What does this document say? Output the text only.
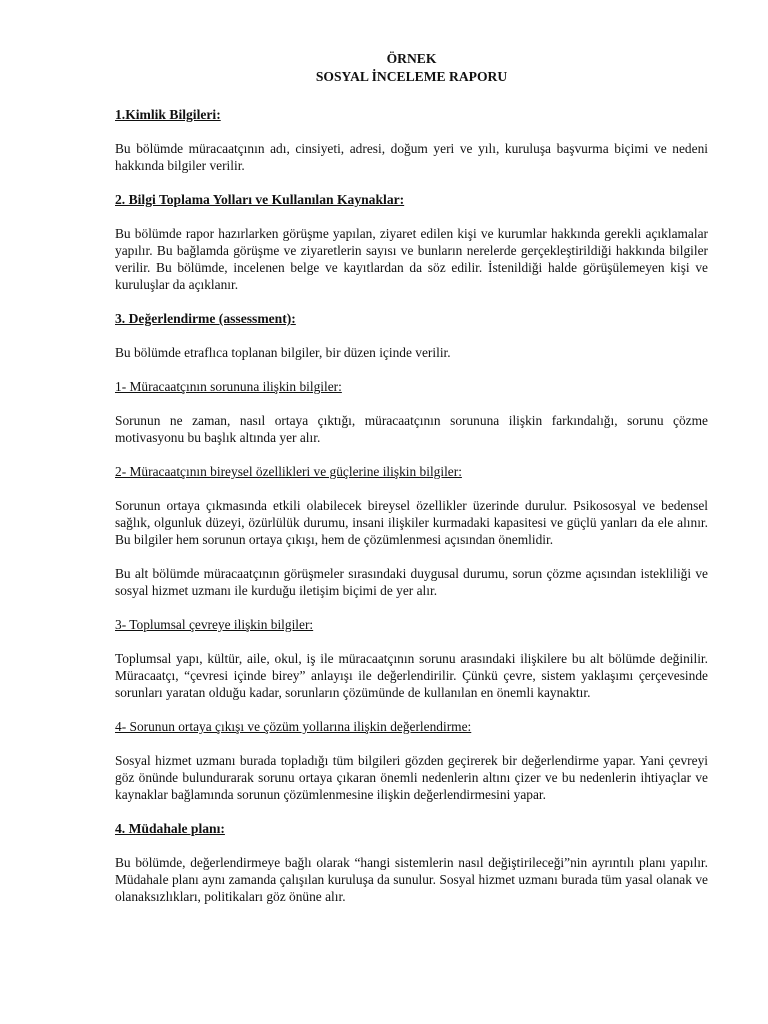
ÖRNEK
SOSYAL İNCELEME RAPORU
1.Kimlik Bilgileri:

Bu bölümde müracaatçının adı, cinsiyeti, adresi, doğum yeri ve yılı, kuruluşa başvurma biçimi ve nedeni hakkında bilgiler verilir.

2. Bilgi Toplama Yolları ve Kullanılan Kaynaklar:

Bu bölümde rapor hazırlarken görüşme yapılan, ziyaret edilen kişi ve kurumlar hakkında gerekli açıklamalar yapılır. Bu bağlamda görüşme ve ziyaretlerin sayısı ve bunların nerelerde gerçekleştirildiği hakkında bilgiler verilir. Bu bölümde, incelenen belge ve kayıtlardan da söz edilir. İstenildiği halde görüşülemeyen kişi ve kuruluşlar da açıklanır.

3. Değerlendirme (assessment):

Bu bölümde etraflıca toplanan bilgiler, bir düzen içinde verilir.

1- Müracaatçının sorununa ilişkin bilgiler:

Sorunun ne zaman, nasıl ortaya çıktığı, müracaatçının sorununa ilişkin farkındalığı, sorunu çözme motivasyonu bu başlık altında yer alır.

2- Müracaatçının bireysel özellikleri ve güçlerine ilişkin bilgiler:

Sorunun ortaya çıkmasında etkili olabilecek bireysel özellikler üzerinde durulur. Psikososyal ve bedensel sağlık, olgunluk düzeyi, özürlülük durumu, insani ilişkiler kurmadaki kapasitesi ve güçlü yanları da ele alınır. Bu bilgiler hem sorunun ortaya çıkışı, hem de çözümlenmesi açısından önemlidir.

Bu alt bölümde müracaatçının görüşmeler sırasındaki duygusal durumu, sorun çözme açısından istekliliği ve sosyal hizmet uzmanı ile kurduğu iletişim biçimi de yer alır.

3- Toplumsal çevreye ilişkin bilgiler:

Toplumsal yapı, kültür, aile, okul, iş ile müracaatçının sorunu arasındaki ilişkilere bu alt bölümde değinilir. Müracaatçı, “çevresi içinde birey” anlayışı ile değerlendirilir. Çünkü çevre, sistem yaklaşımı çerçevesinde sorunları yaratan olduğu kadar, sorunların çözümünde de kullanılan en önemli kaynaktır.

4- Sorunun ortaya çıkışı ve çözüm yollarına ilişkin değerlendirme:

Sosyal hizmet uzmanı burada topladığı tüm bilgileri gözden geçirerek bir değerlendirme yapar. Yani çevreyi göz önünde bulundurarak sorunu ortaya çıkaran önemli nedenlerin altını çizer ve bu nedenlerin ihtiyaçlar ve kaynaklar bağlamında sorunun çözümlenmesine ilişkin değerlendirmesini yapar.

4. Müdahale planı:

Bu bölümde, değerlendirmeye bağlı olarak “hangi sistemlerin nasıl değiştirileceği”nin ayrıntılı planı yapılır. Müdahale planı aynı zamanda çalışılan kuruluşa da sunulur. Sosyal hizmet uzmanı burada tüm yasal olanak ve olanaksızlıkları, politikaları göz önüne alır.
